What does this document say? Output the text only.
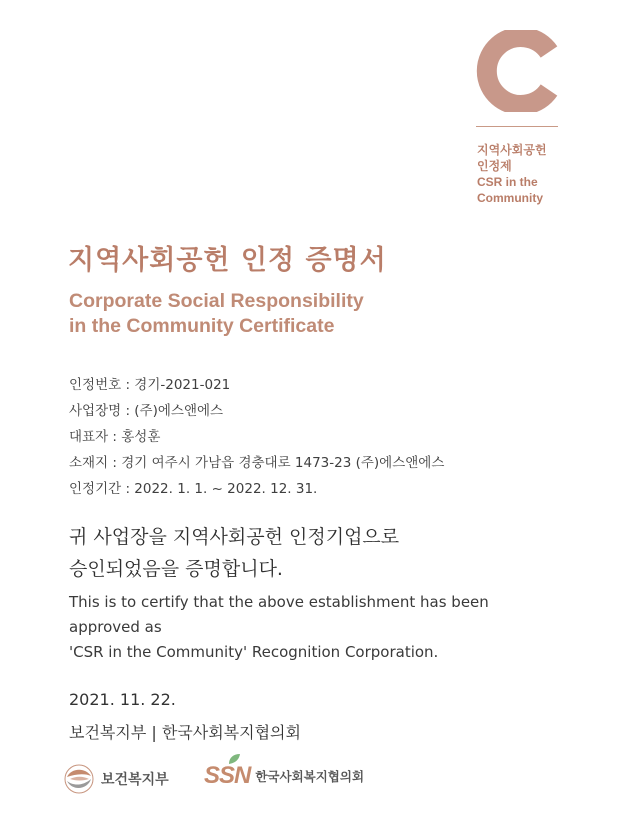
지역사회공헌
인정제
CSR in the
Community
지역사회공헌 인정 증명서
Corporate Social Responsibility
in the Community Certificate
인정번호 : 경기-2021-021
사업장명 : (주)에스앤에스
대표자 : 홍성훈
소재지 : 경기 여주시 가남읍 경충대로 1473-23 (주)에스앤에스
인정기간 : 2022. 1. 1. ~ 2022. 12. 31.
귀 사업장을 지역사회공헌 인정기업으로
승인되었음을 증명합니다.
This is to certify that the above establishment has been
approved as
'CSR in the Community' Recognition Corporation.
2021. 11. 22.
보건복지부 | 한국사회복지협의회
보건복지부 SSN 한국사회복지협의회
